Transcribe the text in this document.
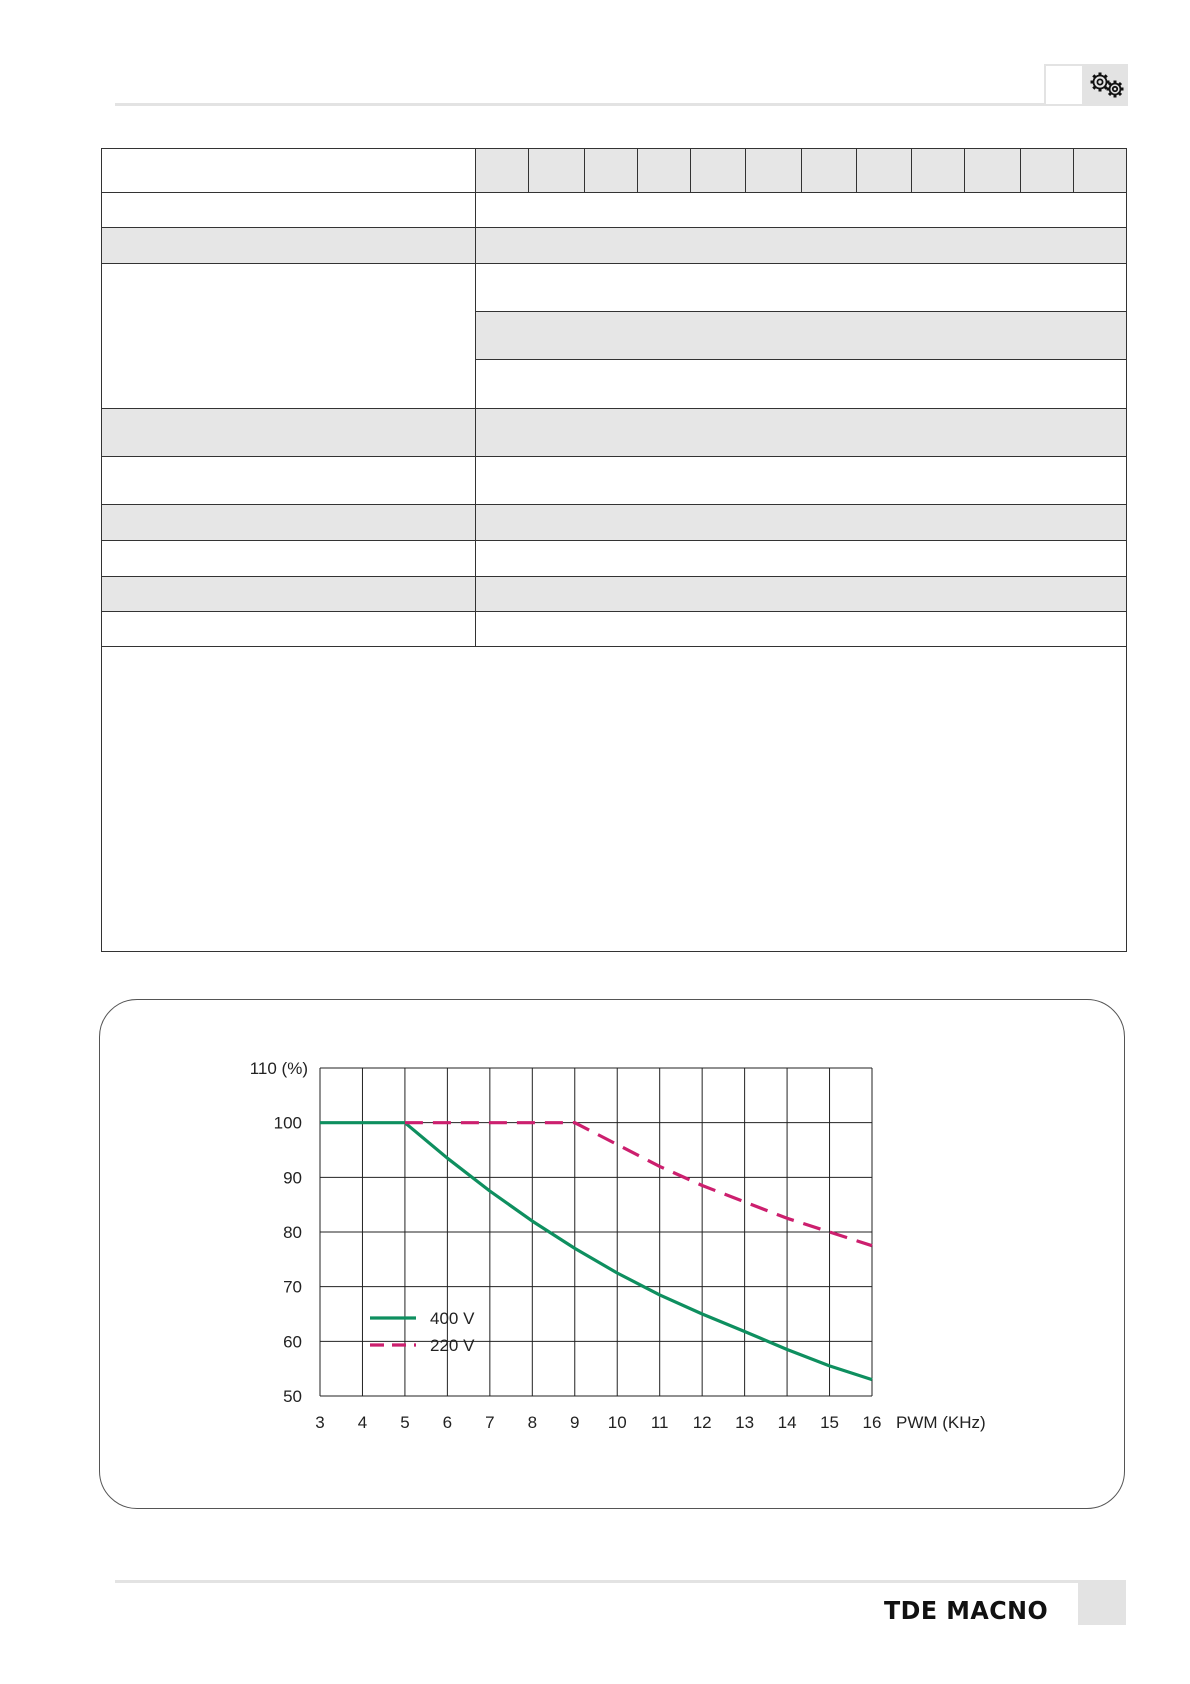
50
60
70
80
90
100
110 (%)
3 4 5 6 7 8 9 10 11 12 13 14 15 16 PWM (KHz)
400 V
220 V
TDE MACNO
